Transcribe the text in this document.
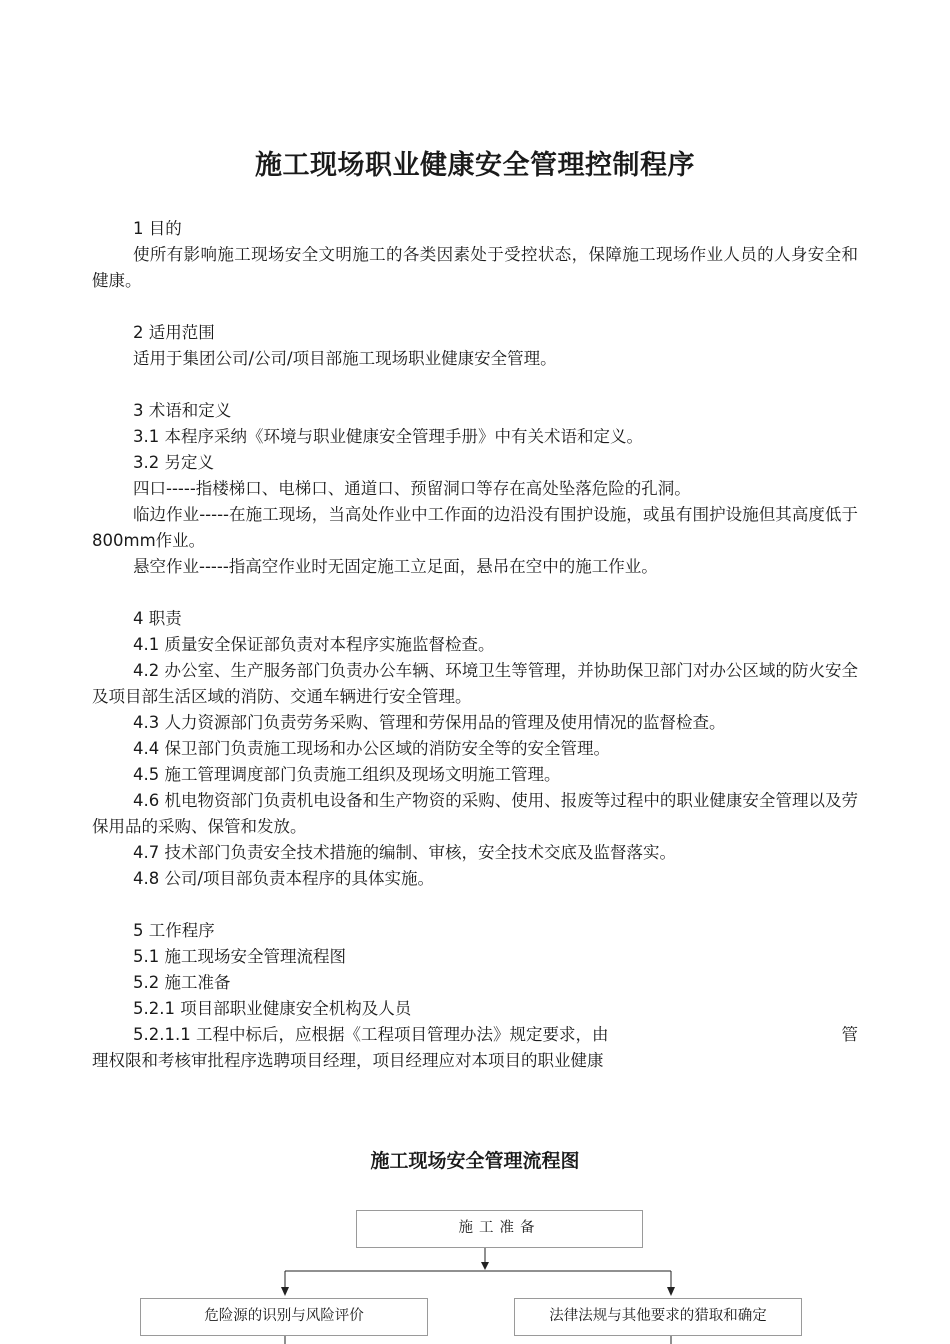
施工现场职业健康安全管理控制程序

1 目的

使所有影响施工现场安全文明施工的各类因素处于受控状态，保障施工现场作业人员的人身安全和健康。

2 适用范围

适用于集团公司/公司/项目部施工现场职业健康安全管理。

3 术语和定义

3.1 本程序采纳《环境与职业健康安全管理手册》中有关术语和定义。

3.2 另定义

四口-----指楼梯口、电梯口、通道口、预留洞口等存在高处坠落危险的孔洞。

临边作业-----在施工现场，当高处作业中工作面的边沿没有围护设施，或虽有围护设施但其高度低于800mm作业。

悬空作业-----指高空作业时无固定施工立足面，悬吊在空中的施工作业。

4 职责

4.1 质量安全保证部负责对本程序实施监督检查。

4.2 办公室、生产服务部门负责办公车辆、环境卫生等管理，并协助保卫部门对办公区域的防火安全及项目部生活区域的消防、交通车辆进行安全管理。

4.3 人力资源部门负责劳务采购、管理和劳保用品的管理及使用情况的监督检查。

4.4 保卫部门负责施工现场和办公区域的消防安全等的安全管理。

4.5 施工管理调度部门负责施工组织及现场文明施工管理。

4.6 机电物资部门负责机电设备和生产物资的采购、使用、报废等过程中的职业健康安全管理以及劳保用品的采购、保管和发放。

4.7 技术部门负责安全技术措施的编制、审核，安全技术交底及监督落实。

4.8 公司/项目部负责本程序的具体实施。

5 工作程序

5.1 施工现场安全管理流程图

5.2 施工准备

5.2.1 项目部职业健康安全机构及人员

5.2.1.1 工程中标后，应根据《工程项目管理办法》规定要求，由	管

理权限和考核审批程序选聘项目经理，项目经理应对本项目的职业健康

施工现场安全管理流程图
施工准备
危险源的识别与风险评价	法律法规与其他要求的猎取和确定
